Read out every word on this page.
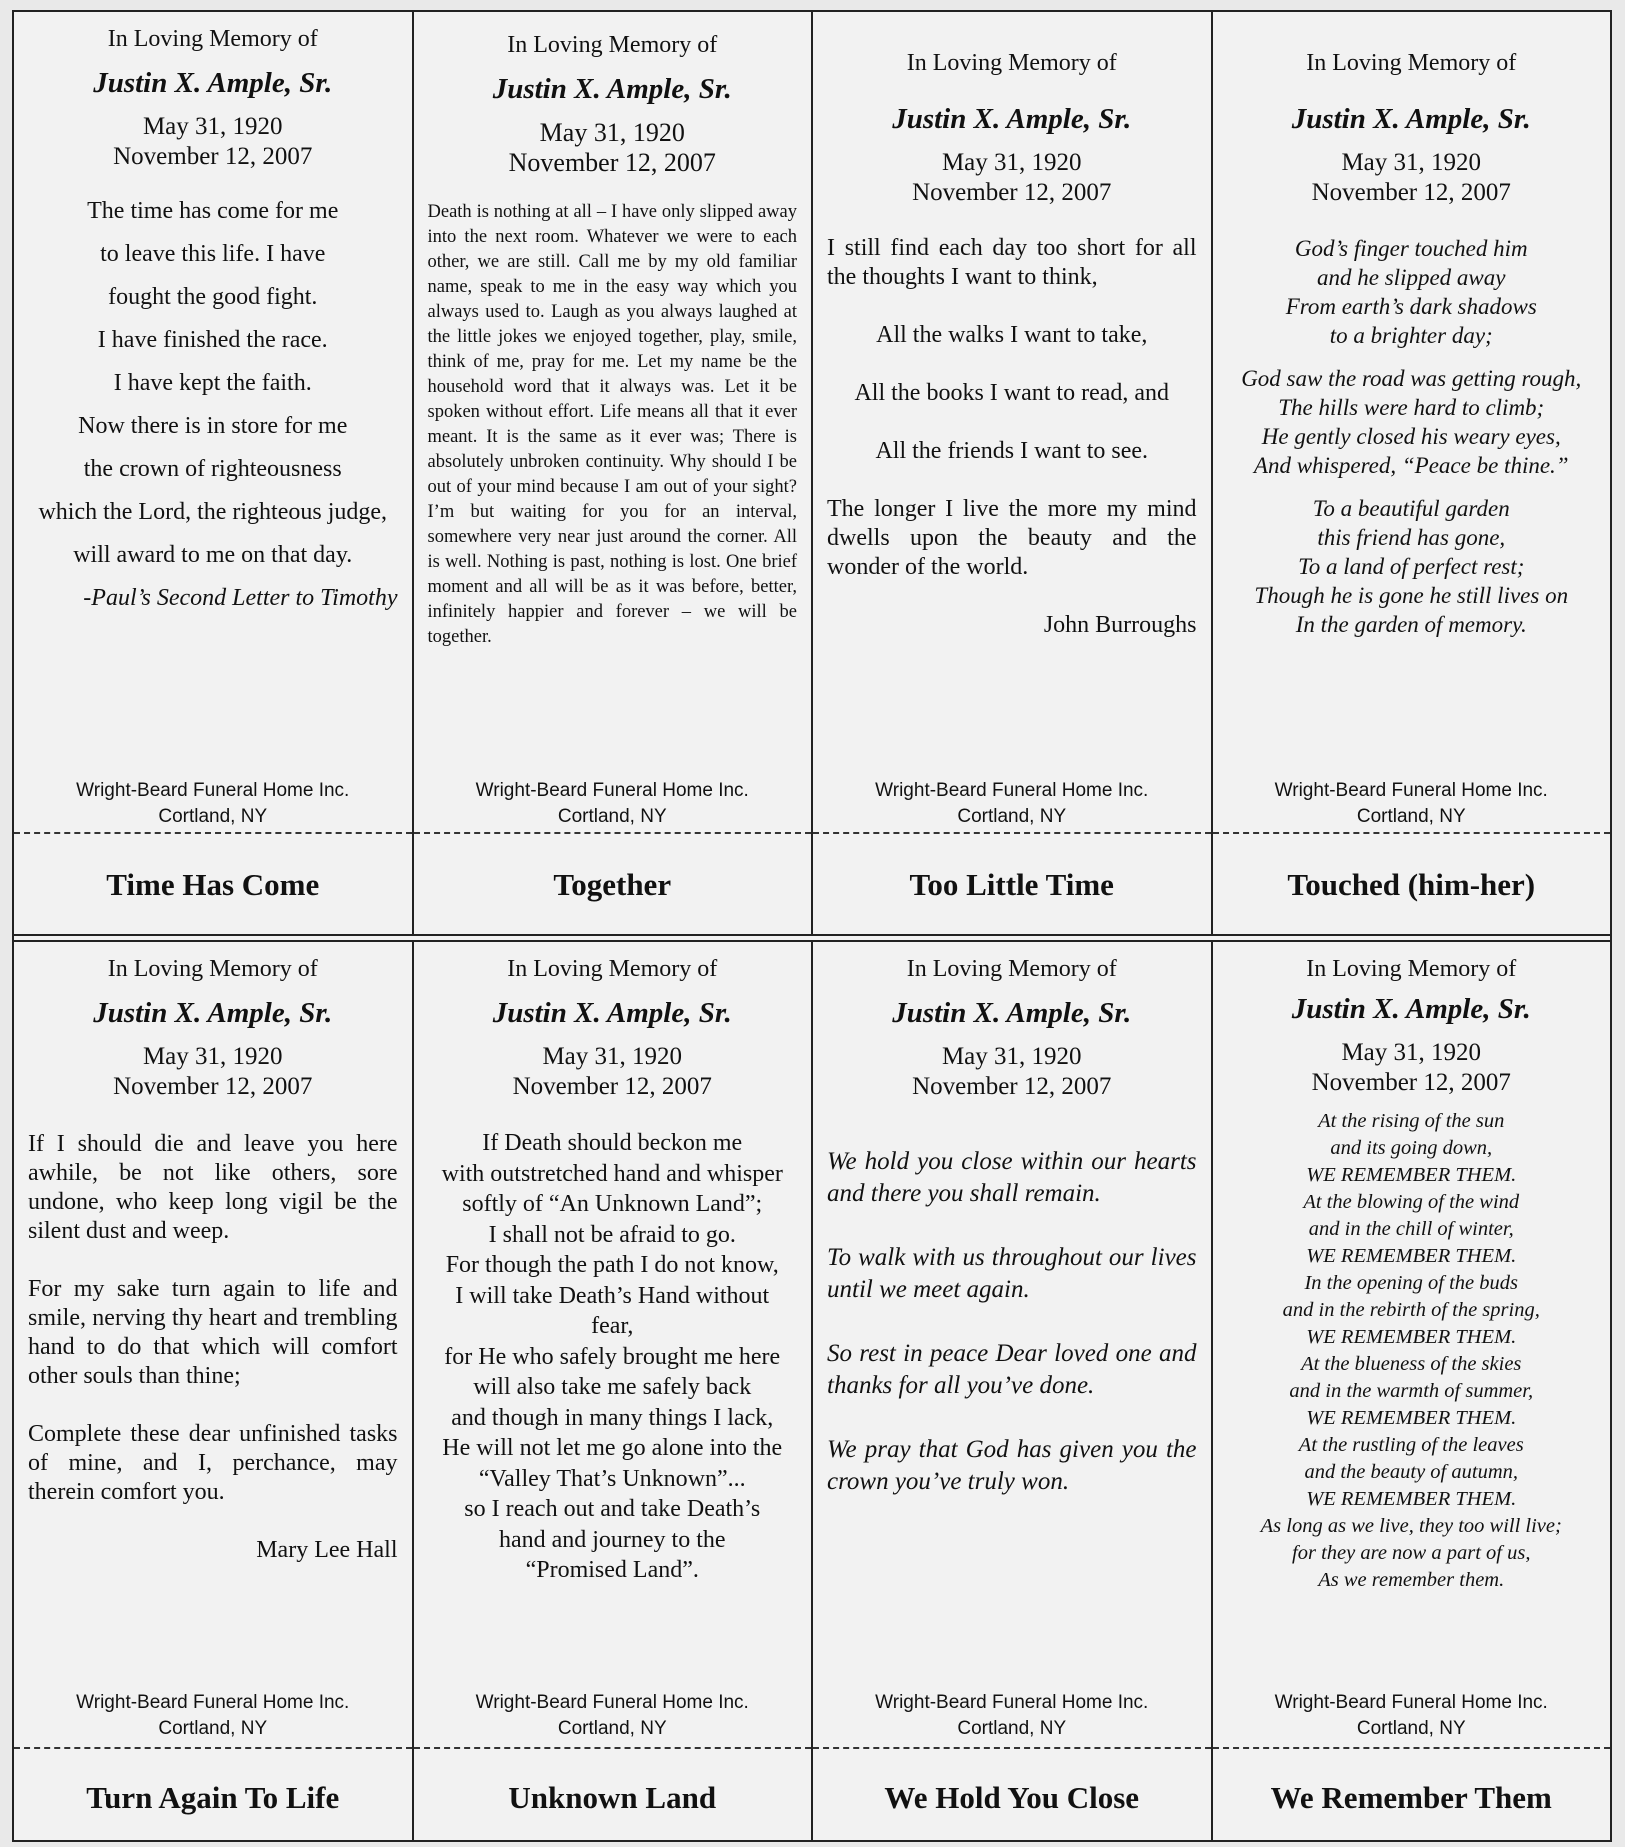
In Loving Memory of
Justin X. Ample, Sr.
May 31, 1920
November 12, 2007

The time has come for me

to leave this life. I have

fought the good fight.

I have finished the race.

I have kept the faith.

Now there is in store for me

the crown of righteousness

which the Lord, the righteous judge,

will award to me on that day.

-Paul’s Second Letter to Timothy

Wright-Beard Funeral Home Inc.
Cortland, NY
Time Has Come
In Loving Memory of
Justin X. Ample, Sr.
May 31, 1920
November 12, 2007

Death is nothing at all – I have only slipped away into the next room. Whatever we were to each other, we are still. Call me by my old familiar name, speak to me in the easy way which you always used to. Laugh as you always laughed at the little jokes we enjoyed together, play, smile, think of me, pray for me. Let my name be the household word that it always was. Let it be spoken without effort. Life means all that it ever meant. It is the same as it ever was; There is absolutely unbroken continuity. Why should I be out of your mind because I am out of your sight? I’m but waiting for you for an interval, somewhere very near just around the corner. All is well. Nothing is past, nothing is lost. One brief moment and all will be as it was before, better, infinitely happier and forever – we will be together.

Wright-Beard Funeral Home Inc.
Cortland, NY
Together
In Loving Memory of
Justin X. Ample, Sr.
May 31, 1920
November 12, 2007

I still find each day too short for all the thoughts I want to think,

All the walks I want to take,

All the books I want to read, and

All the friends I want to see.

The longer I live the more my mind dwells upon the beauty and the wonder of the world.

John Burroughs

Wright-Beard Funeral Home Inc.
Cortland, NY
Too Little Time
In Loving Memory of
Justin X. Ample, Sr.
May 31, 1920
November 12, 2007

God’s finger touched him

and he slipped away

From earth’s dark shadows

to a brighter day;

God saw the road was getting rough,

The hills were hard to climb;

He gently closed his weary eyes,

And whispered, “Peace be thine.”

To a beautiful garden

this friend has gone,

To a land of perfect rest;

Though he is gone he still lives on

In the garden of memory.

Wright-Beard Funeral Home Inc.
Cortland, NY
Touched (him-her)
In Loving Memory of
Justin X. Ample, Sr.
May 31, 1920
November 12, 2007

If I should die and leave you here awhile, be not like others, sore undone, who keep long vigil be the silent dust and weep.

For my sake turn again to life and smile, nerving thy heart and trembling hand to do that which will comfort other souls than thine;

Complete these dear unfinished tasks of mine, and I, perchance, may therein comfort you.

Mary Lee Hall

Wright-Beard Funeral Home Inc.
Cortland, NY
Turn Again To Life
In Loving Memory of
Justin X. Ample, Sr.
May 31, 1920
November 12, 2007

If Death should beckon me

with outstretched hand and whisper

softly of “An Unknown Land”;

I shall not be afraid to go.

For though the path I do not know,

I will take Death’s Hand without

fear,

for He who safely brought me here

will also take me safely back

and though in many things I lack,

He will not let me go alone into the

“Valley That’s Unknown”...

so I reach out and take Death’s

hand and journey to the

“Promised Land”.

Wright-Beard Funeral Home Inc.
Cortland, NY
Unknown Land
In Loving Memory of
Justin X. Ample, Sr.
May 31, 1920
November 12, 2007

We hold you close within our hearts and there you shall remain.

To walk with us throughout our lives until we meet again.

So rest in peace Dear loved one and thanks for all you’ve done.

We pray that God has given you the crown you’ve truly won.

Wright-Beard Funeral Home Inc.
Cortland, NY
We Hold You Close
In Loving Memory of
Justin X. Ample, Sr.
May 31, 1920
November 12, 2007

At the rising of the sun

and its going down,

WE REMEMBER THEM.

At the blowing of the wind

and in the chill of winter,

WE REMEMBER THEM.

In the opening of the buds

and in the rebirth of the spring,

WE REMEMBER THEM.

At the blueness of the skies

and in the warmth of summer,

WE REMEMBER THEM.

At the rustling of the leaves

and the beauty of autumn,

WE REMEMBER THEM.

As long as we live, they too will live;

for they are now a part of us,

As we remember them.

Wright-Beard Funeral Home Inc.
Cortland, NY
We Remember Them
